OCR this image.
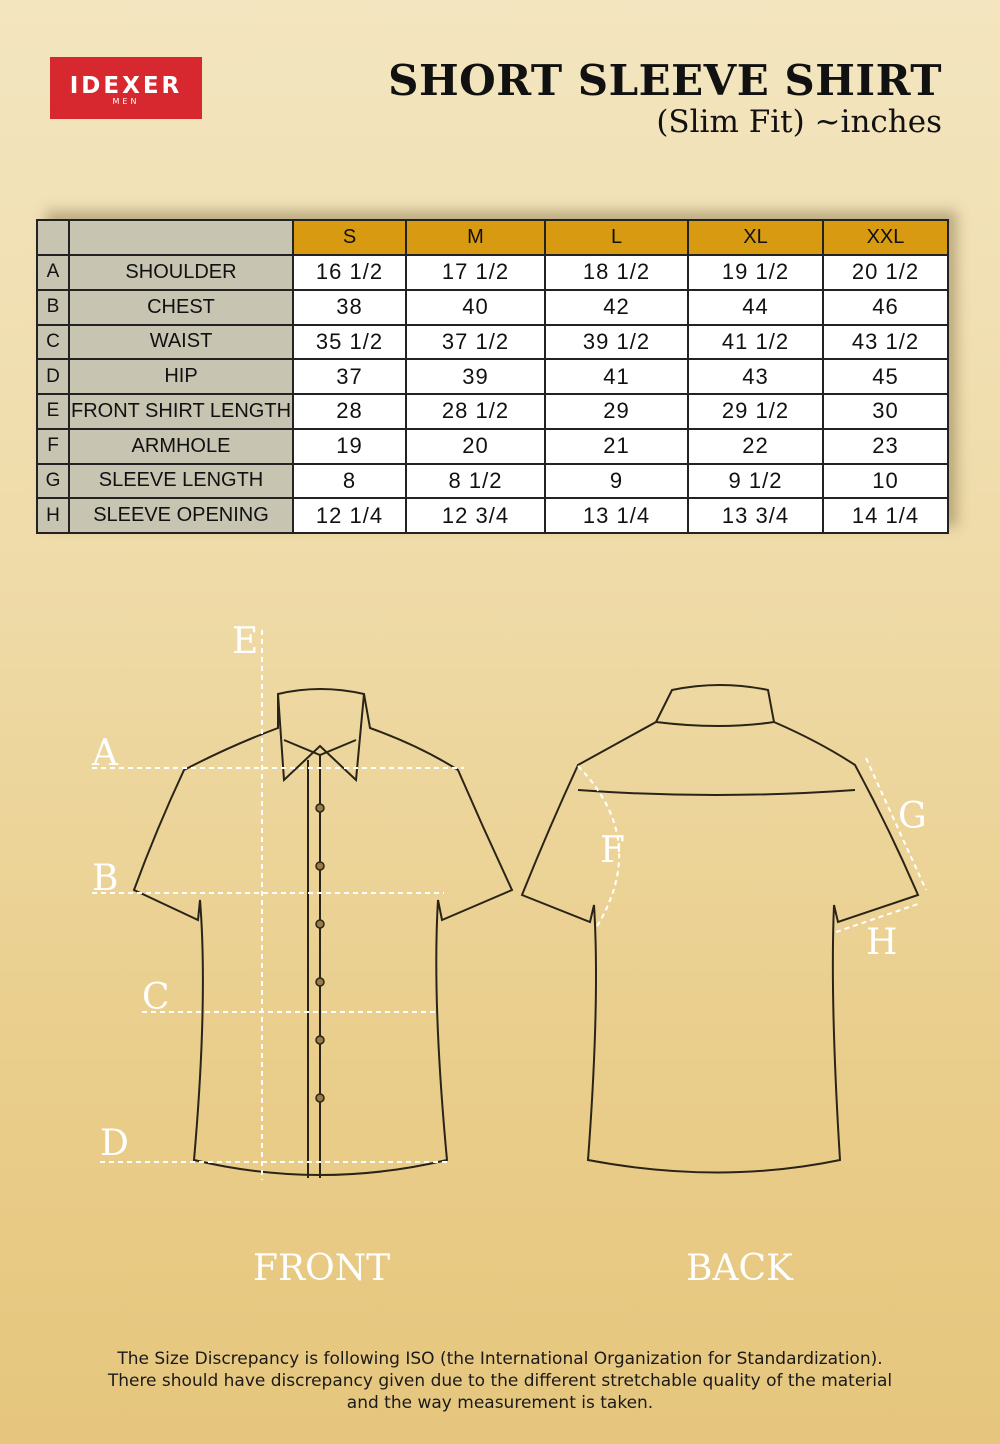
IDEXER
MEN	SHORT SLEEVE SHIRT
(Slim Fit) ~inches
		S	M	L	XL	XXL
A	SHOULDER	16 1/2	17 1/2	18 1/2	19 1/2	20 1/2
B	CHEST	38	40	42	44	46
C	WAIST	35 1/2	37 1/2	39 1/2	41 1/2	43 1/2
D	HIP	37	39	41	43	45
E	FRONT SHIRT LENGTH	28	28 1/2	29	29 1/2	30
F	ARMHOLE	19	20	21	22	23
G	SLEEVE LENGTH	8	8 1/2	9	9 1/2	10
H	SLEEVE OPENING	12 1/4	12 3/4	13 1/4	13 3/4	14 1/4
E
A
B
C
D
F
G
H
FRONT	BACK
The Size Discrepancy is following ISO (the International Organization for Standardization).
There should have discrepancy given due to the different stretchable quality of the material
and the way measurement is taken.
